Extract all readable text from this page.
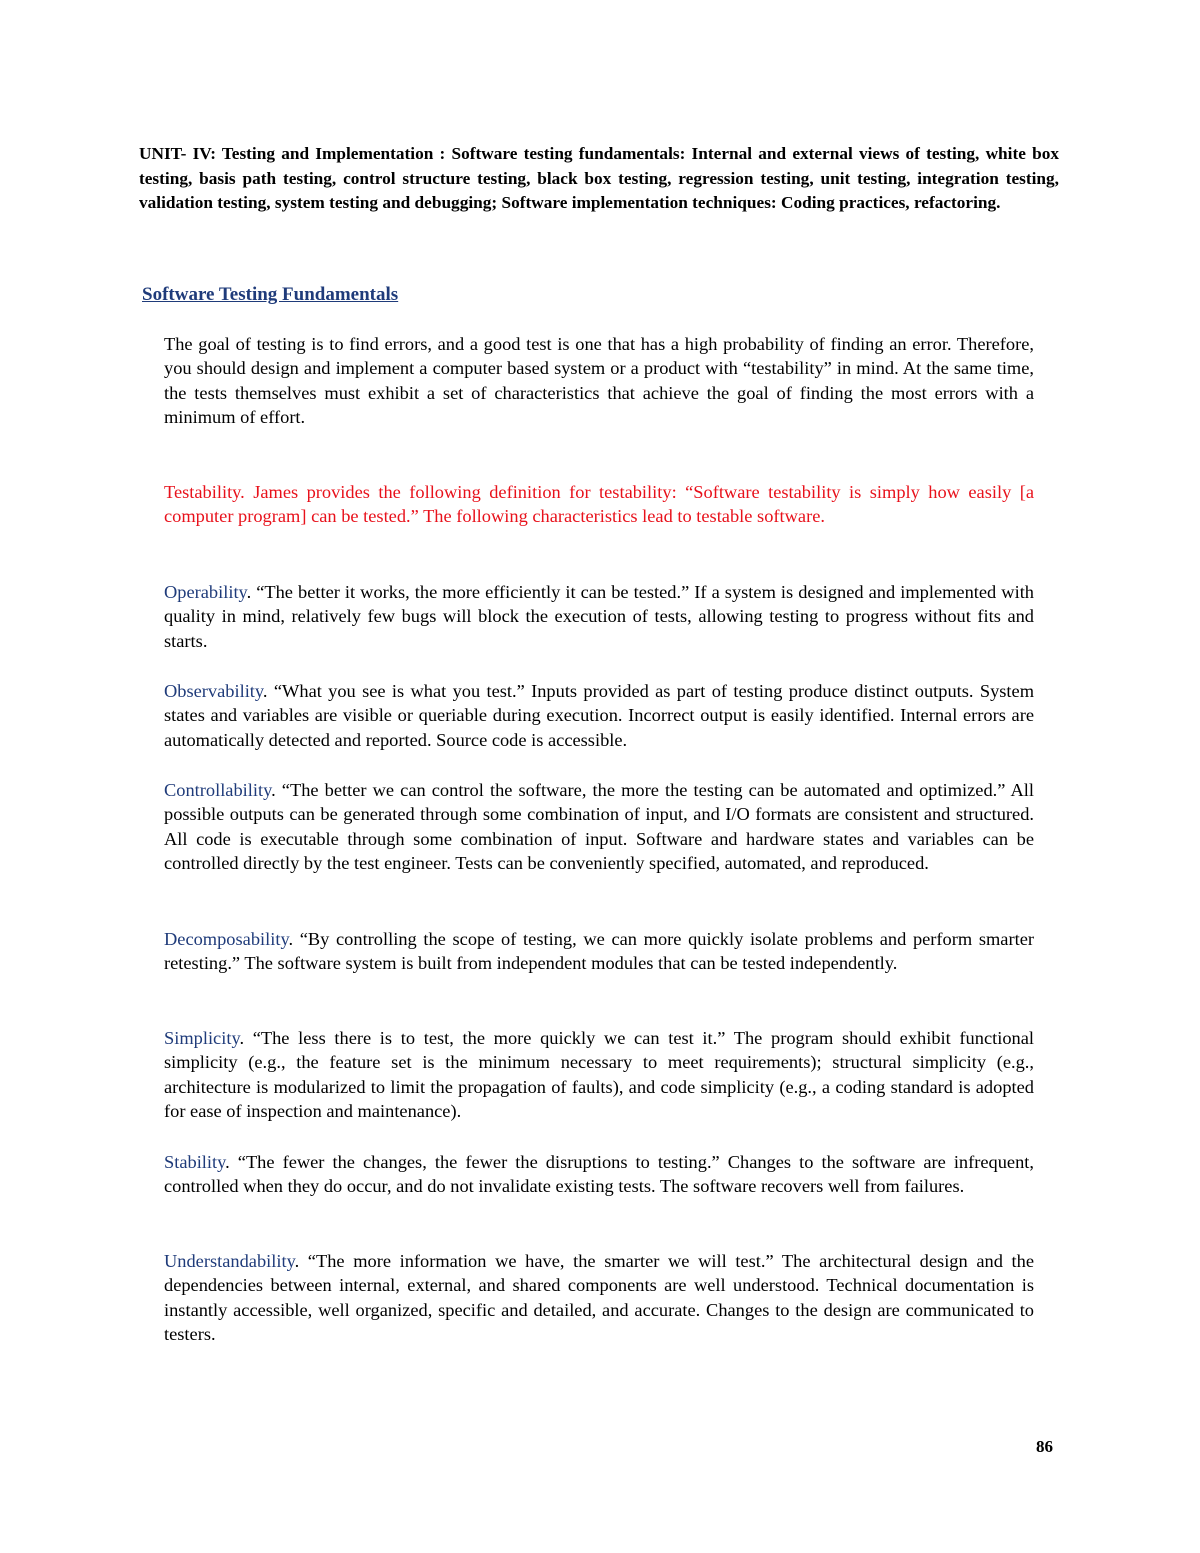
UNIT- IV: Testing and Implementation : Software testing fundamentals: Internal and external views of testing, white box testing, basis path testing, control structure testing, black box testing, regression testing, unit testing, integration testing, validation testing, system testing and debugging; Software implementation techniques: Coding practices, refactoring.
Software Testing Fundamentals

The goal of testing is to find errors, and a good test is one that has a high probability of finding an error. Therefore, you should design and implement a computer based system or a product with “testability” in mind. At the same time, the tests themselves must exhibit a set of characteristics that achieve the goal of finding the most errors with a minimum of effort.

Testability. James provides the following definition for testability: “Software testability is simply how easily [a computer program] can be tested.” The following characteristics lead to testable software.

Operability. “The better it works, the more efficiently it can be tested.” If a system is designed and implemented with quality in mind, relatively few bugs will block the execution of tests, allowing testing to progress without fits and starts.

Observability. “What you see is what you test.” Inputs provided as part of testing produce distinct outputs. System states and variables are visible or queriable during execution. Incorrect output is easily identified. Internal errors are automatically detected and reported. Source code is accessible.

Controllability. “The better we can control the software, the more the testing can be automated and optimized.” All possible outputs can be generated through some combination of input, and I/O formats are consistent and structured. All code is executable through some combination of input. Software and hardware states and variables can be controlled directly by the test engineer. Tests can be conveniently specified, automated, and reproduced.

Decomposability. “By controlling the scope of testing, we can more quickly isolate problems and perform smarter retesting.” The software system is built from independent modules that can be tested independently.

Simplicity. “The less there is to test, the more quickly we can test it.” The program should exhibit functional simplicity (e.g., the feature set is the minimum necessary to meet requirements); structural simplicity (e.g., architecture is modularized to limit the propagation of faults), and code simplicity (e.g., a coding standard is adopted for ease of inspection and maintenance).

Stability. “The fewer the changes, the fewer the disruptions to testing.” Changes to the software are infrequent, controlled when they do occur, and do not invalidate existing tests. The software recovers well from failures.

Understandability. “The more information we have, the smarter we will test.” The architectural design and the dependencies between internal, external, and shared components are well understood. Technical documentation is instantly accessible, well organized, specific and detailed, and accurate. Changes to the design are communicated to testers.

86
